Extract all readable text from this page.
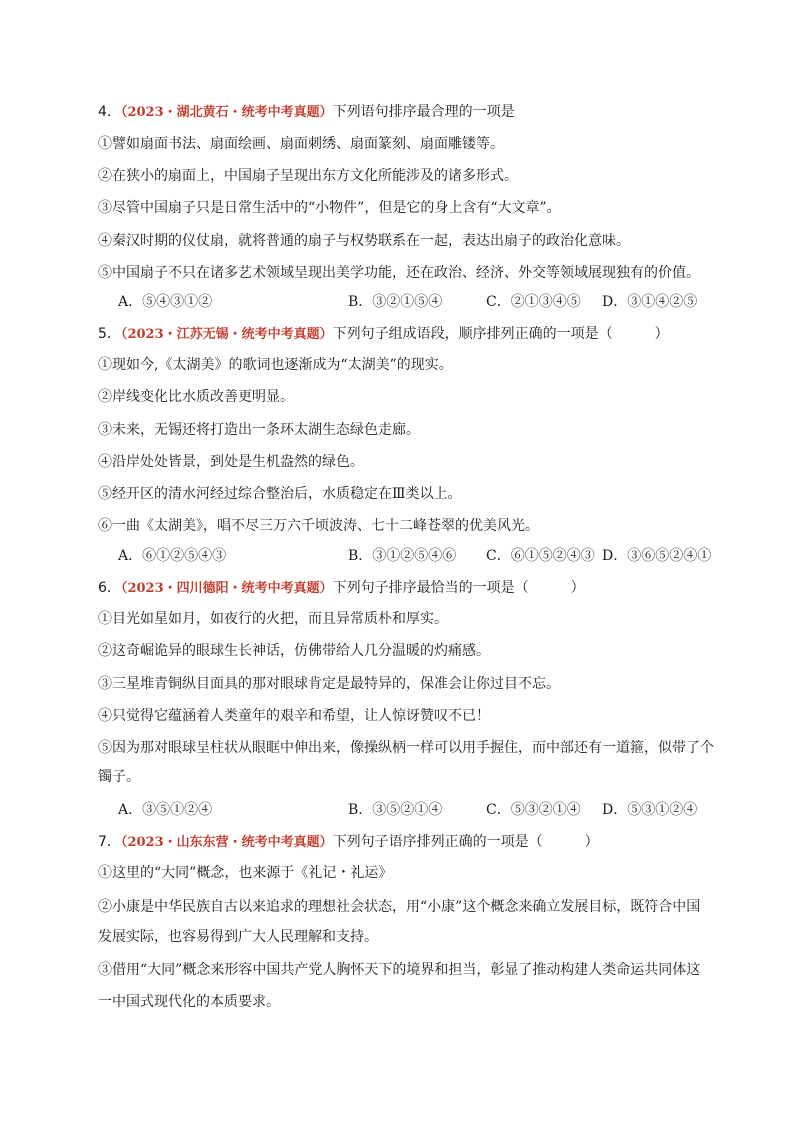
4．（2023・湖北黄石・统考中考真题）下列语句排序最合理的一项是
①譬如扇面书法、扇面绘画、扇面刺绣、扇面篆刻、扇面雕镂等。
②在狭小的扇面上，中国扇子呈现出东方文化所能涉及的诸多形式。
③尽管中国扇子只是日常生活中的“小物件”，但是它的身上含有“大文章”。
④秦汉时期的仪仗扇，就将普通的扇子与权势联系在一起，表达出扇子的政治化意味。
⑤中国扇子不只在诸多艺术领域呈现出美学功能，还在政治、经济、外交等领域展现独有的价值。
A．⑤④③①②	B．③②①⑤④	C．②①③④⑤ D．③①④②⑤
5．（2023・江苏无锡・统考中考真题）下列句子组成语段，顺序排列正确的一项是（　　　）
①现如今,《太湖美》的歌词也逐渐成为“太湖美”的现实。
②岸线变化比水质改善更明显。
③未来，无锡还将打造出一条环太湖生态绿色走廊。
④沿岸处处皆景，到处是生机盎然的绿色。
⑤经开区的清水河经过综合整治后，水质稳定在Ⅲ类以上。
⑥一曲《太湖美》，唱不尽三万六千顷波涛、七十二峰苍翠的优美风光。
A．⑥①②⑤④③	B．③①②⑤④⑥ C．⑥①⑤②④③ D．③⑥⑤②④①
6．（2023・四川德阳・统考中考真题）下列句子排序最恰当的一项是（　　　）
①目光如星如月，如夜行的火把，而且异常质朴和厚实。
②这奇崛诡异的眼球生长神话，仿佛带给人几分温暖的灼痛感。
③三星堆青铜纵目面具的那对眼球肯定是最特异的，保准会让你过目不忘。
④只觉得它蕴涵着人类童年的艰辛和希望，让人惊讶赞叹不已！
⑤因为那对眼球呈柱状从眼眶中伸出来，像操纵柄一样可以用手握住，而中部还有一道箍，似带了个
镯子。
A．③⑤①②④	B．③⑤②①④	C．⑤③②①④ D．⑤③①②④
7．（2023・山东东营・统考中考真题）下列句子语序排列正确的一项是（　　　）
①这里的“大同”概念，也来源于《礼记・礼运》
②小康是中华民族自古以来追求的理想社会状态，用“小康”这个概念来确立发展目标，既符合中国
发展实际，也容易得到广大人民理解和支持。
③借用“大同”概念来形容中国共产党人胸怀天下的境界和担当，彰显了推动构建人类命运共同体这
一中国式现代化的本质要求。
